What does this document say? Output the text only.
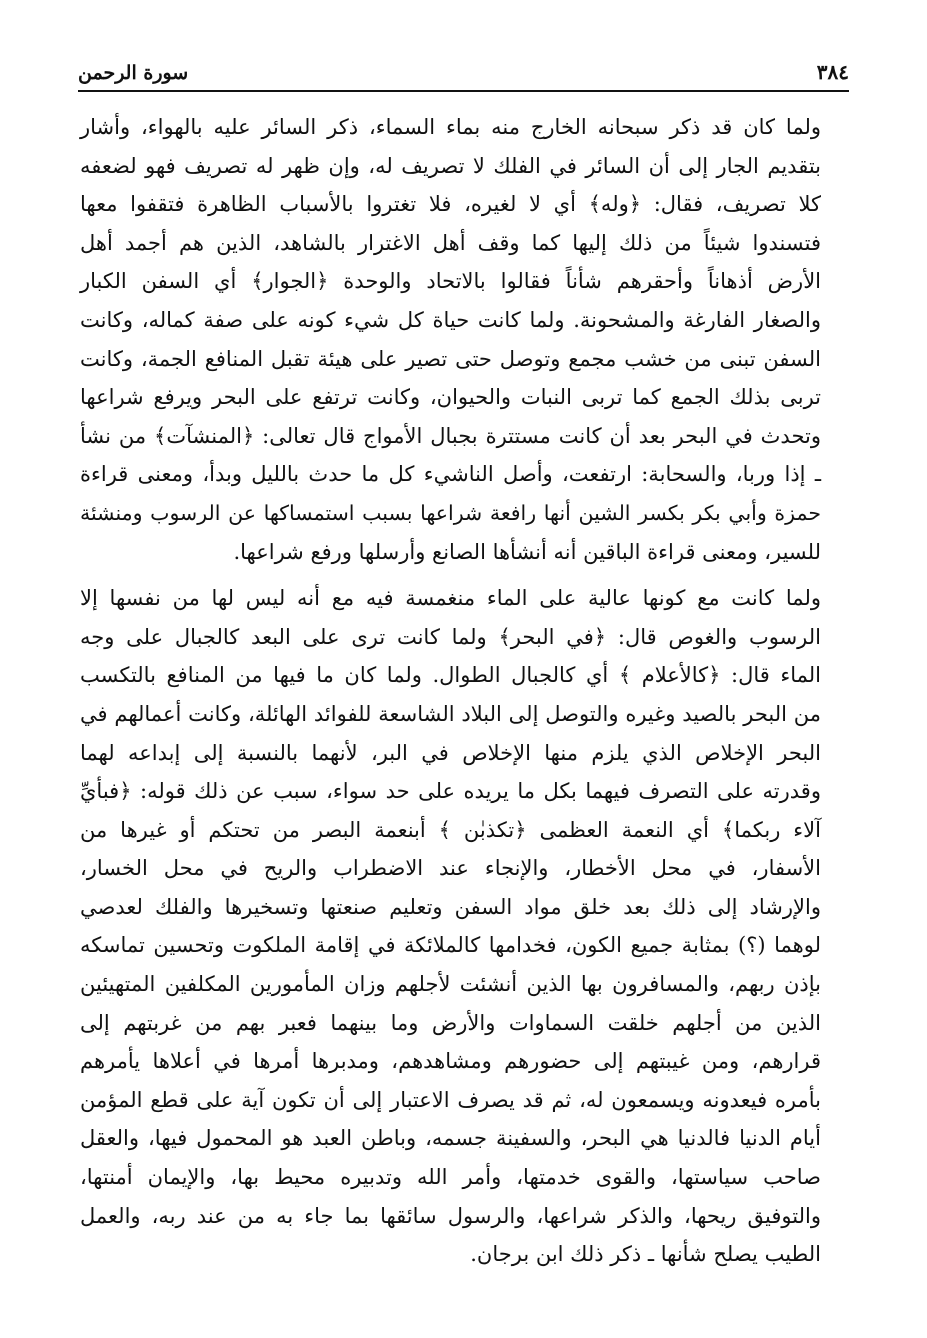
٣٨٤
سورة الرحمن

ولما كان قد ذكر سبحانه الخارج منه بماء السماء، ذكر السائر عليه بالهواء، وأشار
بتقديم الجار إلى أن السائر في الفلك لا تصريف له، وإن ظهر له تصريف فهو لضعفه
كلا تصريف، فقال: ﴿وله﴾ أي لا لغيره، فلا تغتروا بالأسباب الظاهرة فتقفوا معها
فتسندوا شيئاً من ذلك إليها كما وقف أهل الاغترار بالشاهد، الذين هم أجمد أهل
الأرض أذهاناً وأحقرهم شأناً فقالوا بالاتحاد والوحدة ﴿الجوار﴾ أي السفن الكبار
والصغار الفارغة والمشحونة. ولما كانت حياة كل شيء كونه على صفة كماله، وكانت
السفن تبنى من خشب مجمع وتوصل حتى تصير على هيئة تقبل المنافع الجمة، وكانت
تربى بذلك الجمع كما تربى النبات والحيوان، وكانت ترتفع على البحر ويرفع شراعها
وتحدث في البحر بعد أن كانت مستترة بجبال الأمواج قال تعالى: ﴿المنشآت﴾ من نشأ
ـ إذا وربا، والسحابة: ارتفعت، وأصل الناشيء كل ما حدث بالليل وبدأ، ومعنى قراءة
حمزة وأبي بكر بكسر الشين أنها رافعة شراعها بسبب استمساكها عن الرسوب ومنشئة
للسير، ومعنى قراءة الباقين أنه أنشأها الصانع وأرسلها ورفع شراعها.

ولما كانت مع كونها عالية على الماء منغمسة فيه مع أنه ليس لها من نفسها إلا
الرسوب والغوص قال: ﴿في البحر﴾ ولما كانت ترى على البعد كالجبال على وجه
الماء قال: ﴿كالأعلام ﴾ أي كالجبال الطوال. ولما كان ما فيها من المنافع بالتكسب
من البحر بالصيد وغيره والتوصل إلى البلاد الشاسعة للفوائد الهائلة، وكانت أعمالهم في
البحر الإخلاص الذي يلزم منها الإخلاص في البر، لأنهما بالنسبة إلى إبداعه لهما
وقدرته على التصرف فيهما بكل ما يريده على حد سواء، سبب عن ذلك قوله: ﴿فبأيِّ
آلاء ربكما﴾ أي النعمة العظمى ﴿تكذبٰن ﴾ أبنعمة البصر من تحتكم أو غيرها من
الأسفار، في محل الأخطار، والإنجاء عند الاضطراب والريح في محل الخسار،
والإرشاد إلى ذلك بعد خلق مواد السفن وتعليم صنعتها وتسخيرها والفلك لعدصي
لوهما (؟) بمثابة جميع الكون، فخدامها كالملائكة في إقامة الملكوت وتحسين تماسكه
بإذن ربهم، والمسافرون بها الذين أنشئت لأجلهم وزان المأمورين المكلفين المتهيئين
الذين من أجلهم خلقت السماوات والأرض وما بينهما فعبر بهم من غربتهم إلى
قرارهم، ومن غيبتهم إلى حضورهم ومشاهدهم، ومدبرها أمرها في أعلاها يأمرهم
بأمره فيعدونه ويسمعون له، ثم قد يصرف الاعتبار إلى أن تكون آية على قطع المؤمن
أيام الدنيا فالدنيا هي البحر، والسفينة جسمه، وباطن العبد هو المحمول فيها، والعقل
صاحب سياستها، والقوى خدمتها، وأمر الله وتدبيره محيط بها، والإيمان أمنتها،
والتوفيق ريحها، والذكر شراعها، والرسول سائقها بما جاء به من عند ربه، والعمل
الطيب يصلح شأنها ـ ذكر ذلك ابن برجان.
